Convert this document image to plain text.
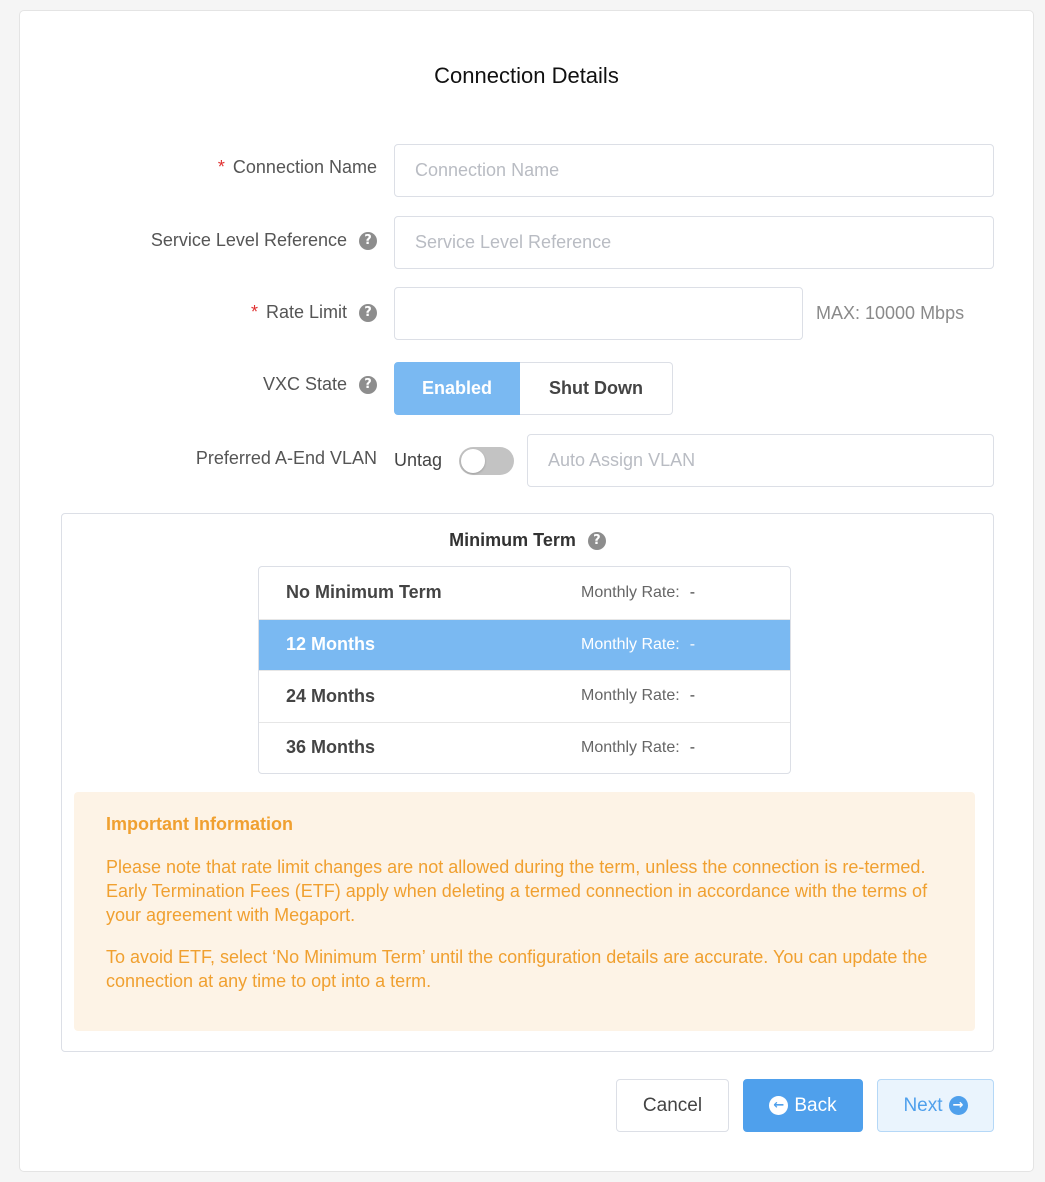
Connection Details
* Connection Name
Connection Name
Service Level Reference	?
Service Level Reference
* Rate Limit	?	MAX: 10000 Mbps
VXC State	?	Enabled	Shut Down
Preferred A-End VLAN Untag
Auto Assign VLAN
Minimum Term	?
No Minimum Term	Monthly Rate: -
12 Months	Monthly Rate: -
24 Months	Monthly Rate: -
36 Months	Monthly Rate: -
Important Information

Please note that rate limit changes are not allowed during the term, unless the connection is re-termed. Early Termination Fees (ETF) apply when deleting a termed connection in accordance with the terms of your agreement with Megaport.

To avoid ETF, select ‘No Minimum Term’ until the configuration details are accurate. You can update the connection at any time to opt into a term.

Cancel	← Back	Next →
